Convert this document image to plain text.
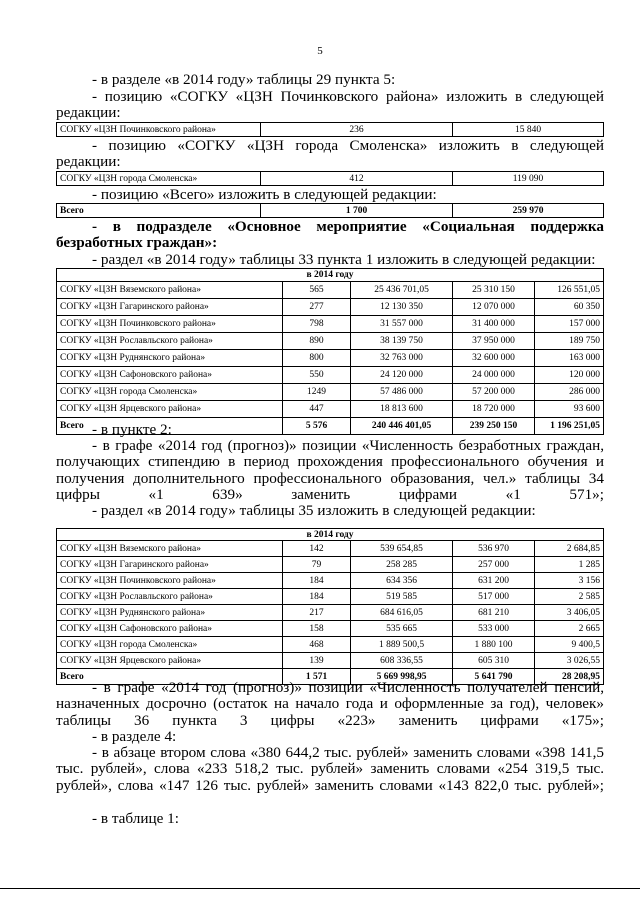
5

- в разделе «в 2014 году» таблицы 29 пункта 5:

- позицию «СОГКУ «ЦЗН Починковского района» изложить в следующей редакции:

СОГКУ «ЦЗН Починковского района»	236	15 840

- позицию «СОГКУ «ЦЗН города Смоленска» изложить в следующей редакции:

СОГКУ «ЦЗН города Смоленска»	412	119 090

- позицию «Всего» изложить в следующей редакции:

Всего	1 700	259 970

- в подразделе «Основное мероприятие «Социальная поддержка безработных граждан»:

- раздел «в 2014 году» таблицы 33 пункта 1 изложить в следующей редакции:

в 2014 году				
СОГКУ «ЦЗН Вяземского района»	565	25 436 701,05	25 310 150	126 551,05
СОГКУ «ЦЗН Гагаринского района»	277	12 130 350	12 070 000	60 350
СОГКУ «ЦЗН Починковского района»	798	31 557 000	31 400 000	157 000
СОГКУ «ЦЗН Рославльского района»	890	38 139 750	37 950 000	189 750
СОГКУ «ЦЗН Руднянского района»	800	32 763 000	32 600 000	163 000
СОГКУ «ЦЗН Сафоновского района»	550	24 120 000	24 000 000	120 000
СОГКУ «ЦЗН города Смоленска»	1249	57 486 000	57 200 000	286 000
СОГКУ «ЦЗН Ярцевского района»	447	18 813 600	18 720 000	93 600
Всего	5 576	240 446 401,05	239 250 150	1 196 251,05

- в пункте 2:

- в графе «2014 год (прогноз)» позиции «Численность безработных граждан, получающих стипендию в период прохождения профессионального обучения и получения дополнительного профессионального образования, чел.» таблицы 34 цифры «1 639» заменить цифрами «1 571»;

- раздел «в 2014 году» таблицы 35 изложить в следующей редакции:

в 2014 году				
СОГКУ «ЦЗН Вяземского района»	142	539 654,85	536 970	2 684,85
СОГКУ «ЦЗН Гагаринского района»	79	258 285	257 000	1 285
СОГКУ «ЦЗН Починковского района»	184	634 356	631 200	3 156
СОГКУ «ЦЗН Рославльского района»	184	519 585	517 000	2 585
СОГКУ «ЦЗН Руднянского района»	217	684 616,05	681 210	3 406,05
СОГКУ «ЦЗН Сафоновского района»	158	535 665	533 000	2 665
СОГКУ «ЦЗН города Смоленска»	468	1 889 500,5	1 880 100	9 400,5
СОГКУ «ЦЗН Ярцевского района»	139	608 336,55	605 310	3 026,55
Всего	1 571	5 669 998,95	5 641 790	28 208,95

- в графе «2014 год (прогноз)» позиции «Численность получателей пенсий, назначенных досрочно (остаток на начало года и оформленные за год), человек» таблицы 36 пункта 3 цифры «223» заменить цифрами «175»;

- в разделе 4:

- в абзаце втором слова «380 644,2 тыс. рублей» заменить словами «398 141,5 тыс. рублей», слова «233 518,2 тыс. рублей» заменить словами «254 319,5 тыс. рублей», слова «147 126 тыс. рублей» заменить словами «143 822,0 тыс. рублей»;

- в таблице 1:
